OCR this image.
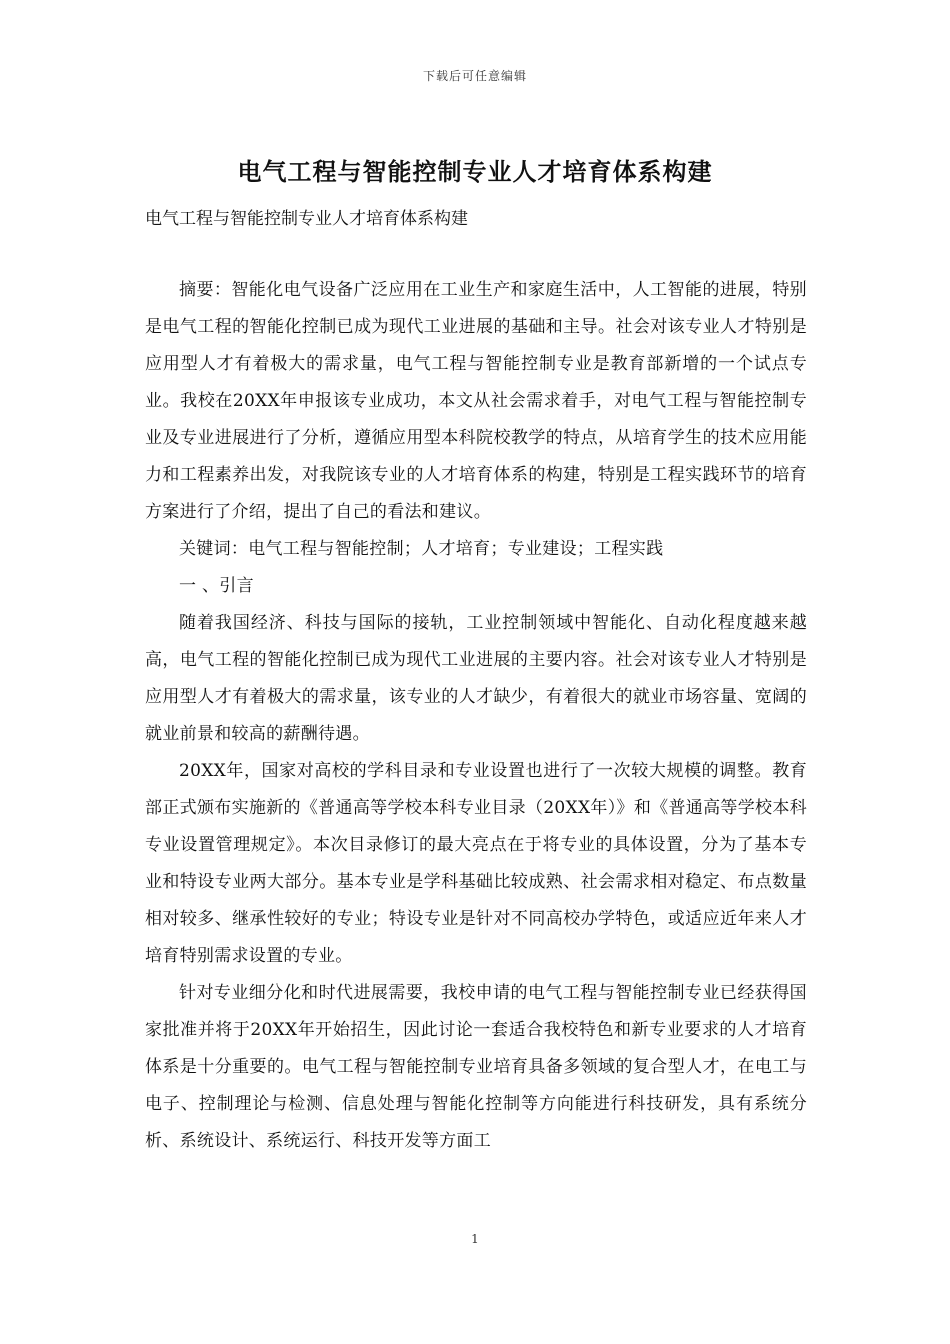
下载后可任意编辑
电气工程与智能控制专业人才培育体系构建
电气工程与智能控制专业人才培育体系构建

摘要：智能化电气设备广泛应用在工业生产和家庭生活中，人工智能的进展，特别是电气工程的智能化控制已成为现代工业进展的基础和主导。社会对该专业人才特别是应用型人才有着极大的需求量，电气工程与智能控制专业是教育部新增的一个试点专业。我校在20XX年申报该专业成功，本文从社会需求着手，对电气工程与智能控制专业及专业进展进行了分析，遵循应用型本科院校教学的特点，从培育学生的技术应用能力和工程素养出发，对我院该专业的人才培育体系的构建，特别是工程实践环节的培育方案进行了介绍，提出了自己的看法和建议。

关键词：电气工程与智能控制；人才培育；专业建设；工程实践

一 、引言

随着我国经济、科技与国际的接轨，工业控制领域中智能化、自动化程度越来越高，电气工程的智能化控制已成为现代工业进展的主要内容。社会对该专业人才特别是应用型人才有着极大的需求量，该专业的人才缺少，有着很大的就业市场容量、宽阔的就业前景和较高的薪酬待遇。

20XX年，国家对高校的学科目录和专业设置也进行了一次较大规模的调整。教育部正式颁布实施新的《普通高等学校本科专业目录（20XX年）》和《普通高等学校本科专业设置管理规定》。本次目录修订的最大亮点在于将专业的具体设置，分为了基本专业和特设专业两大部分。基本专业是学科基础比较成熟、社会需求相对稳定、布点数量相对较多、继承性较好的专业；特设专业是针对不同高校办学特色，或适应近年来人才培育特别需求设置的专业。

针对专业细分化和时代进展需要，我校申请的电气工程与智能控制专业已经获得国家批准并将于20XX年开始招生，因此讨论一套适合我校特色和新专业要求的人才培育体系是十分重要的。电气工程与智能控制专业培育具备多领域的复合型人才，在电工与电子、控制理论与检测、信息处理与智能化控制等方向能进行科技研发，具有系统分析、系统设计、系统运行、科技开发等方面工

1
